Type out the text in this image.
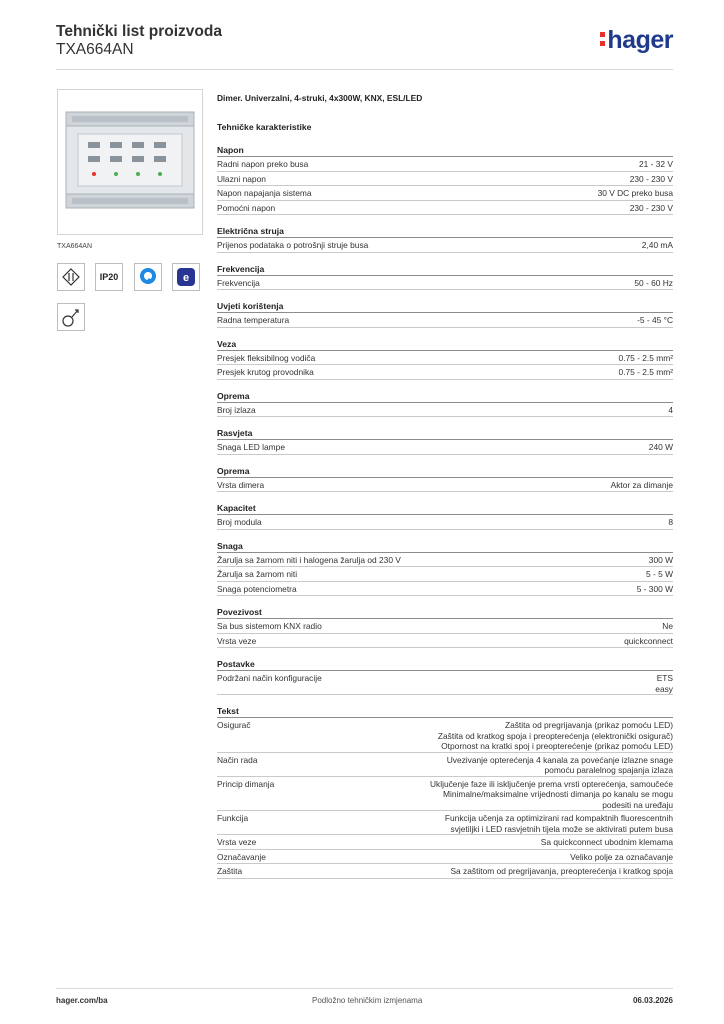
Tehnički list proizvoda
TXA664AN	hager
TXA664AN
IP20	e
Dimer. Univerzalni, 4-struki, 4x300W, KNX, ESL/LED
Tehničke karakteristike
Napon
Radni napon preko busa	21 - 32 V
Ulazni napon	230 - 230 V
Napon napajanja sistema	30 V DC preko busa
Pomoćni napon	230 - 230 V
Električna struja
Prijenos podataka o potrošnji struje busa	2,40 mA
Frekvencija
Frekvencija	50 - 60 Hz
Uvjeti korištenja
Radna temperatura	-5 - 45 °C
Veza
Presjek fleksibilnog vodiča	0.75 - 2.5 mm²
Presjek krutog provodnika	0.75 - 2.5 mm²
Oprema
Broj izlaza	4
Rasvjeta
Snaga LED lampe	240 W
Oprema
Vrsta dimera	Aktor za dimanje
Kapacitet
Broj modula	8
Snaga
Žarulja sa žarnom niti i halogena žarulja od 230 V	300 W
Žarulja sa žarnom niti	5 - 5 W
Snaga potenciometra	5 - 300 W
Povezivost
Sa bus sistemom KNX radio	Ne
Vrsta veze	quickconnect
Postavke
Podržani način konfiguracije	ETS
easy
Tekst
Osigurač	Zaštita od pregrijavanja (prikaz pomoću LED)
Zaštita od kratkog spoja i preopterećenja (elektronički osigurač)
Otpornost na kratki spoj i preopterećenje (prikaz pomoću LED)
Način rada	Uvezivanje opterećenja 4 kanala za povećanje izlazne snage pomoću paralelnog spajanja izlaza
Princip dimanja	Uključenje faze ili isključenje prema vrsti opterećenja, samoučeće
Minimalne/maksimalne vrijednosti dimanja po kanalu se mogu podesiti na uređaju
Funkcija	Funkcija učenja za optimizirani rad kompaktnih fluorescentnih svjetiljki i LED rasvjetnih tijela može se aktivirati putem busa
Vrsta veze	Sa quickconnect ubodnim klemama
Označavanje	Veliko polje za označavanje
Zaštita	Sa zaštitom od pregrijavanja, preopterećenja i kratkog spoja
hager.com/ba	Podložno tehničkim izmjenama	06.03.2026
